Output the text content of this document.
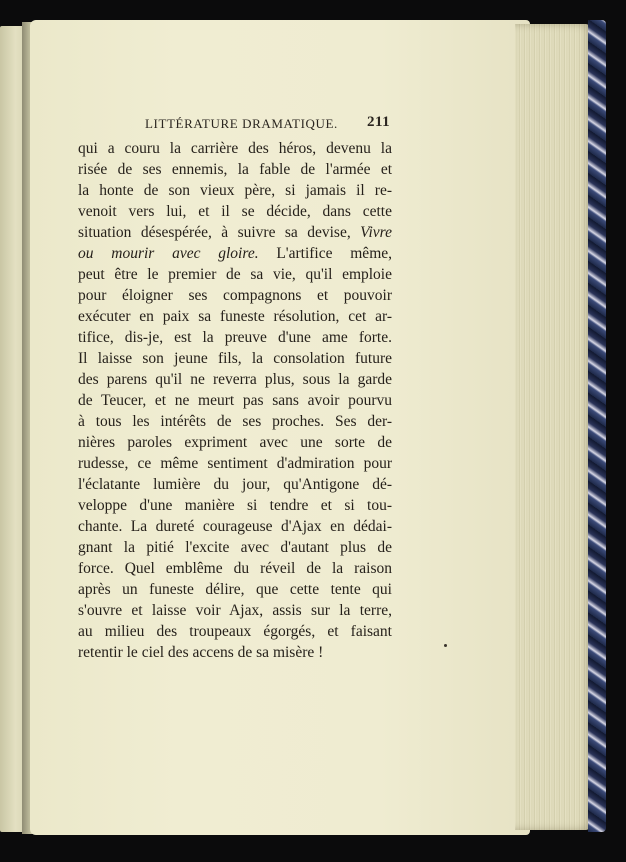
LITTÉRATURE DRAMATIQUE. 211
qui a couru la carrière des héros, devenu la
risée de ses ennemis, la fable de l'armée et
la honte de son vieux père, si jamais il re-
venoit vers lui, et il se décide, dans cette
situation désespérée, à suivre sa devise, Vivre
ou mourir avec gloire. L'artifice même,
peut être le premier de sa vie, qu'il emploie
pour éloigner ses compagnons et pouvoir
exécuter en paix sa funeste résolution, cet ar-
tifice, dis-je, est la preuve d'une ame forte.
Il laisse son jeune fils, la consolation future
des parens qu'il ne reverra plus, sous la garde
de Teucer, et ne meurt pas sans avoir pourvu
à tous les intérêts de ses proches. Ses der-
nières paroles expriment avec une sorte de
rudesse, ce même sentiment d'admiration pour
l'éclatante lumière du jour, qu'Antigone dé-
veloppe d'une manière si tendre et si tou-
chante. La dureté courageuse d'Ajax en dédai-
gnant la pitié l'excite avec d'autant plus de
force. Quel emblême du réveil de la raison
après un funeste délire, que cette tente qui
s'ouvre et laisse voir Ajax, assis sur la terre,
au milieu des troupeaux égorgés, et faisant
retentir le ciel des accens de sa misère !
